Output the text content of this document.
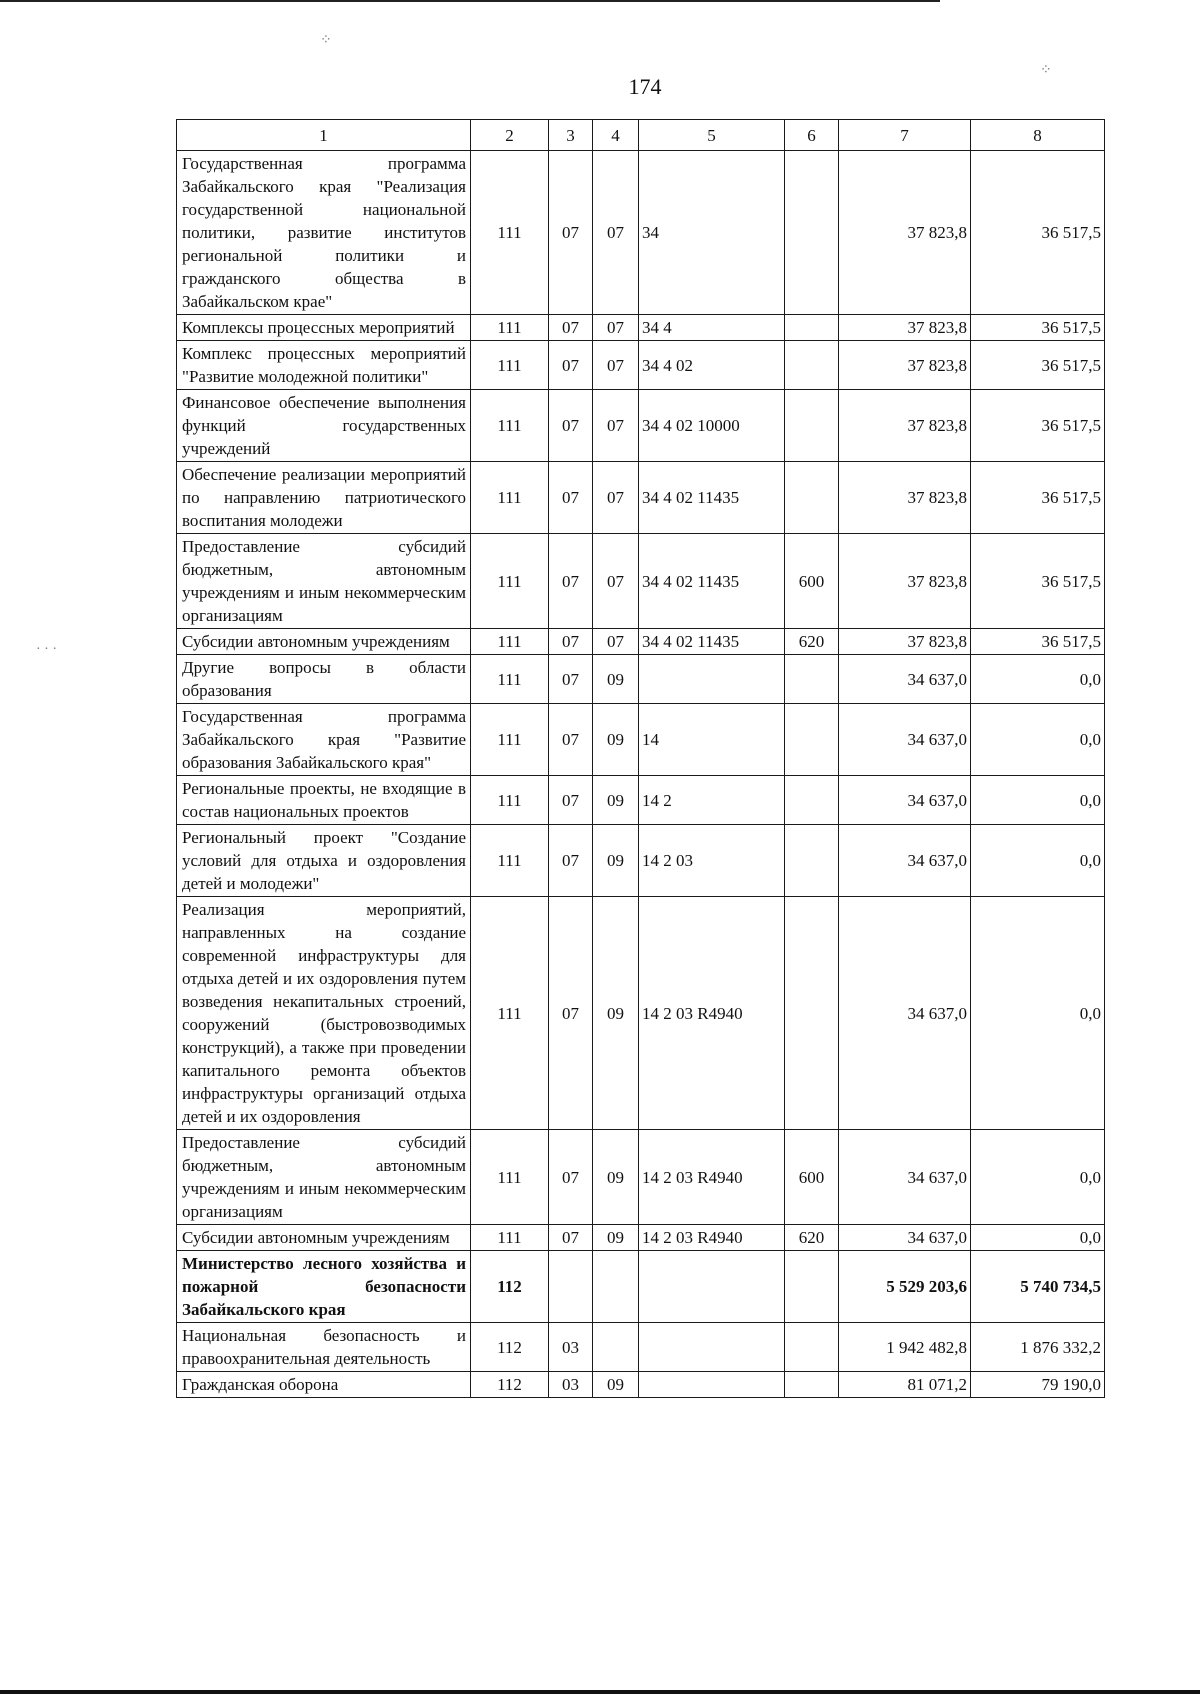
174
⁘
⁘
· · ·
1	2	3	4	5	6	7	8
Государственная программа Забайкальского края "Реализация государственной национальной политики, развитие институтов региональной политики и гражданского общества в Забайкальском крае"	111	07	07	34		37 823,8	36 517,5
Комплексы процессных мероприятий	111	07	07	34 4		37 823,8	36 517,5
Комплекс процессных мероприятий "Развитие молодежной политики"	111	07	07	34 4 02		37 823,8	36 517,5
Финансовое обеспечение выполнения функций государственных учреждений	111	07	07	34 4 02 10000		37 823,8	36 517,5
Обеспечение реализации мероприятий по направлению патриотического воспитания молодежи	111	07	07	34 4 02 11435		37 823,8	36 517,5
Предоставление субсидий бюджетным, автономным учреждениям и иным некоммерческим организациям	111	07	07	34 4 02 11435	600	37 823,8	36 517,5
Субсидии автономным учреждениям	111	07	07	34 4 02 11435	620	37 823,8	36 517,5
Другие вопросы в области образования	111	07	09			34 637,0	0,0
Государственная программа Забайкальского края "Развитие образования Забайкальского края"	111	07	09	14		34 637,0	0,0
Региональные проекты, не входящие в состав национальных проектов	111	07	09	14 2		34 637,0	0,0
Региональный проект "Создание условий для отдыха и оздоровления детей и молодежи"	111	07	09	14 2 03		34 637,0	0,0
Реализация мероприятий, направленных на создание современной инфраструктуры для отдыха детей и их оздоровления путем возведения некапитальных строений, сооружений (быстровозводимых конструкций), а также при проведении капитального ремонта объектов инфраструктуры организаций отдыха детей и их оздоровления	111	07	09	14 2 03 R4940		34 637,0	0,0
Предоставление субсидий бюджетным, автономным учреждениям и иным некоммерческим организациям	111	07	09	14 2 03 R4940	600	34 637,0	0,0
Субсидии автономным учреждениям	111	07	09	14 2 03 R4940	620	34 637,0	0,0
Министерство лесного хозяйства и пожарной безопасности Забайкальского края	112					5 529 203,6	5 740 734,5
Национальная безопасность и правоохранительная деятельность	112	03				1 942 482,8	1 876 332,2
Гражданская оборона	112	03	09			81 071,2	79 190,0
